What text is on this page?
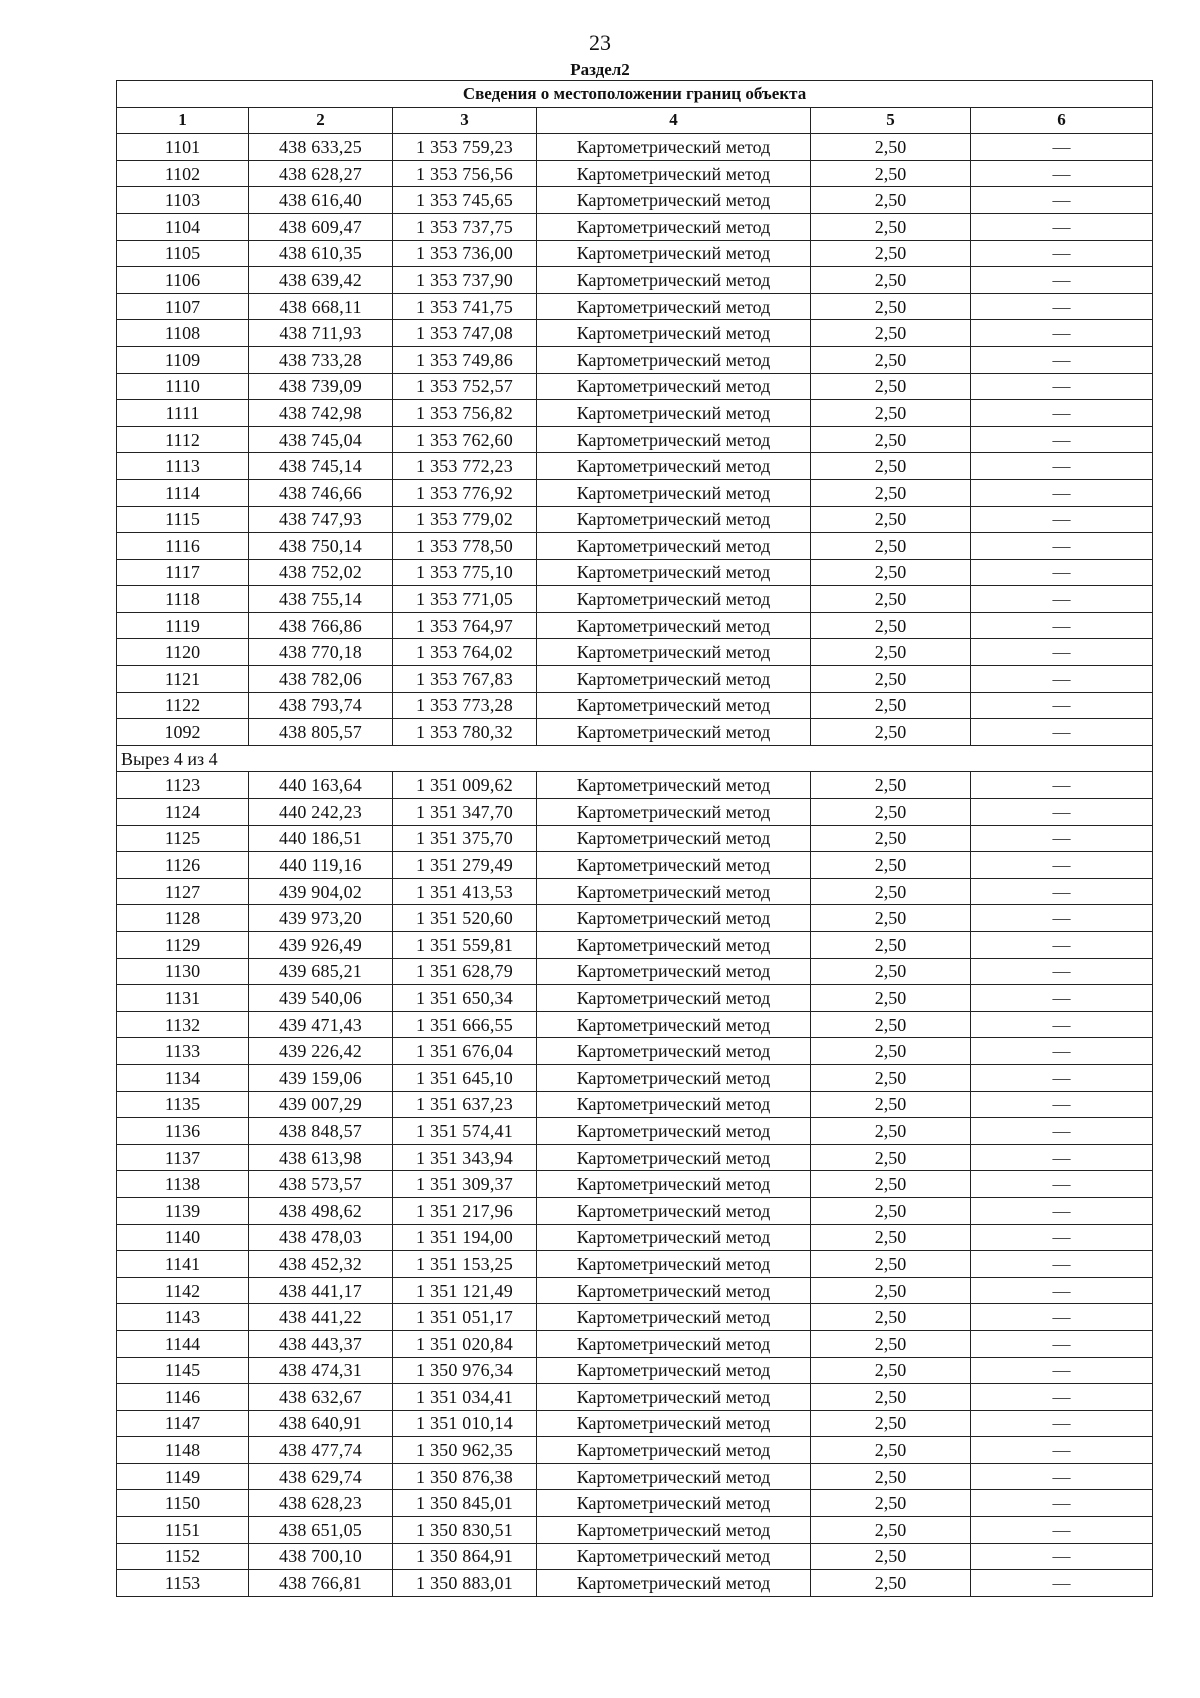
23
Раздел2
Сведения о местоположении границ объекта					
1	2	3	4	5	6
1101	438 633,25	1 353 759,23	Картометрический метод	2,50	—
1102	438 628,27	1 353 756,56	Картометрический метод	2,50	—
1103	438 616,40	1 353 745,65	Картометрический метод	2,50	—
1104	438 609,47	1 353 737,75	Картометрический метод	2,50	—
1105	438 610,35	1 353 736,00	Картометрический метод	2,50	—
1106	438 639,42	1 353 737,90	Картометрический метод	2,50	—
1107	438 668,11	1 353 741,75	Картометрический метод	2,50	—
1108	438 711,93	1 353 747,08	Картометрический метод	2,50	—
1109	438 733,28	1 353 749,86	Картометрический метод	2,50	—
1110	438 739,09	1 353 752,57	Картометрический метод	2,50	—
1111	438 742,98	1 353 756,82	Картометрический метод	2,50	—
1112	438 745,04	1 353 762,60	Картометрический метод	2,50	—
1113	438 745,14	1 353 772,23	Картометрический метод	2,50	—
1114	438 746,66	1 353 776,92	Картометрический метод	2,50	—
1115	438 747,93	1 353 779,02	Картометрический метод	2,50	—
1116	438 750,14	1 353 778,50	Картометрический метод	2,50	—
1117	438 752,02	1 353 775,10	Картометрический метод	2,50	—
1118	438 755,14	1 353 771,05	Картометрический метод	2,50	—
1119	438 766,86	1 353 764,97	Картометрический метод	2,50	—
1120	438 770,18	1 353 764,02	Картометрический метод	2,50	—
1121	438 782,06	1 353 767,83	Картометрический метод	2,50	—
1122	438 793,74	1 353 773,28	Картометрический метод	2,50	—
1092	438 805,57	1 353 780,32	Картометрический метод	2,50	—
Вырез 4 из 4					
1123	440 163,64	1 351 009,62	Картометрический метод	2,50	—
1124	440 242,23	1 351 347,70	Картометрический метод	2,50	—
1125	440 186,51	1 351 375,70	Картометрический метод	2,50	—
1126	440 119,16	1 351 279,49	Картометрический метод	2,50	—
1127	439 904,02	1 351 413,53	Картометрический метод	2,50	—
1128	439 973,20	1 351 520,60	Картометрический метод	2,50	—
1129	439 926,49	1 351 559,81	Картометрический метод	2,50	—
1130	439 685,21	1 351 628,79	Картометрический метод	2,50	—
1131	439 540,06	1 351 650,34	Картометрический метод	2,50	—
1132	439 471,43	1 351 666,55	Картометрический метод	2,50	—
1133	439 226,42	1 351 676,04	Картометрический метод	2,50	—
1134	439 159,06	1 351 645,10	Картометрический метод	2,50	—
1135	439 007,29	1 351 637,23	Картометрический метод	2,50	—
1136	438 848,57	1 351 574,41	Картометрический метод	2,50	—
1137	438 613,98	1 351 343,94	Картометрический метод	2,50	—
1138	438 573,57	1 351 309,37	Картометрический метод	2,50	—
1139	438 498,62	1 351 217,96	Картометрический метод	2,50	—
1140	438 478,03	1 351 194,00	Картометрический метод	2,50	—
1141	438 452,32	1 351 153,25	Картометрический метод	2,50	—
1142	438 441,17	1 351 121,49	Картометрический метод	2,50	—
1143	438 441,22	1 351 051,17	Картометрический метод	2,50	—
1144	438 443,37	1 351 020,84	Картометрический метод	2,50	—
1145	438 474,31	1 350 976,34	Картометрический метод	2,50	—
1146	438 632,67	1 351 034,41	Картометрический метод	2,50	—
1147	438 640,91	1 351 010,14	Картометрический метод	2,50	—
1148	438 477,74	1 350 962,35	Картометрический метод	2,50	—
1149	438 629,74	1 350 876,38	Картометрический метод	2,50	—
1150	438 628,23	1 350 845,01	Картометрический метод	2,50	—
1151	438 651,05	1 350 830,51	Картометрический метод	2,50	—
1152	438 700,10	1 350 864,91	Картометрический метод	2,50	—
1153	438 766,81	1 350 883,01	Картометрический метод	2,50	—
